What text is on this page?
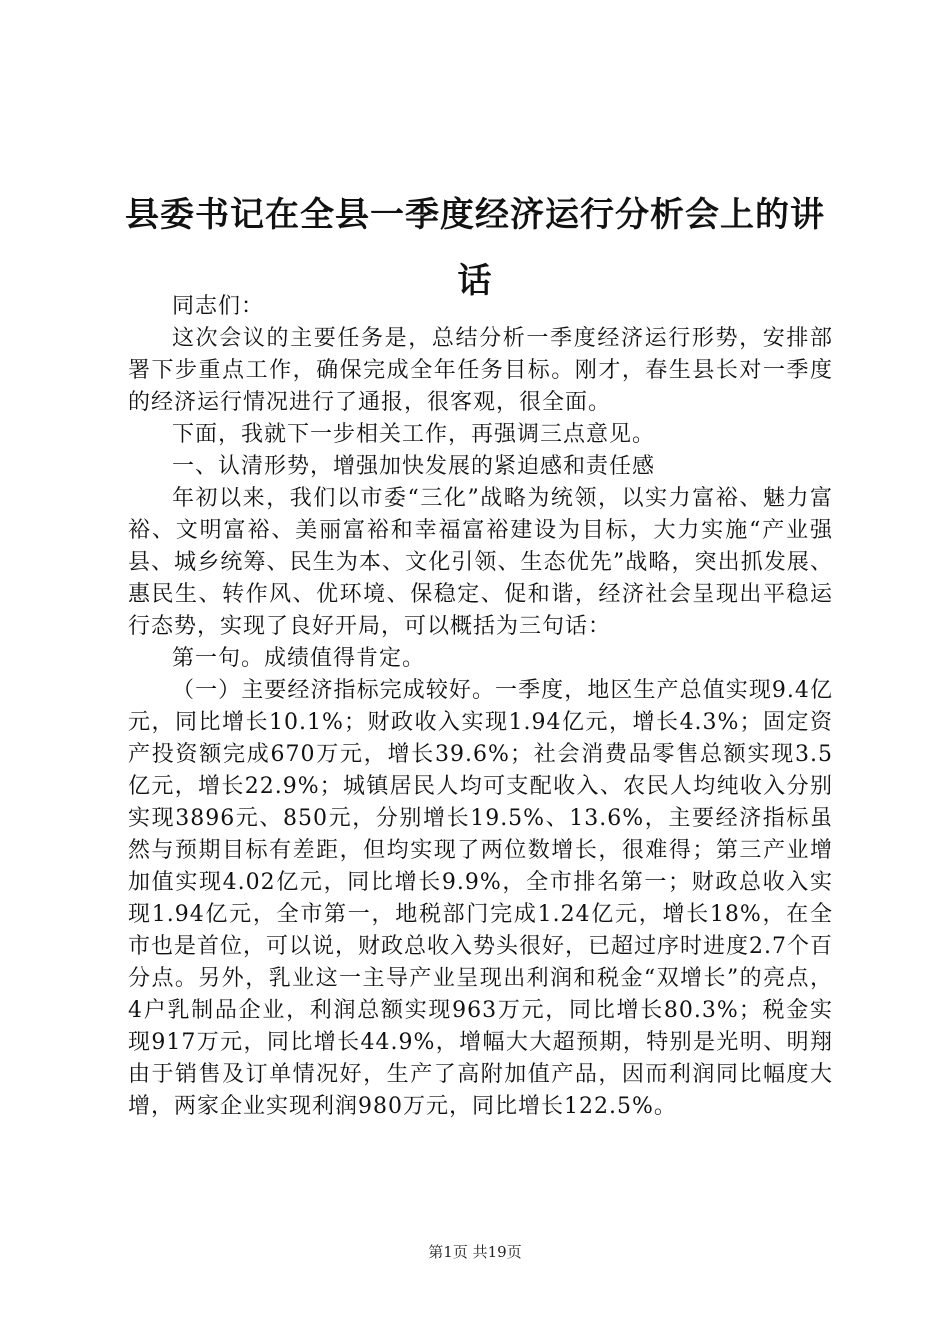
县委书记在全县一季度经济运行分析会上的讲话

同志们：

这次会议的主要任务是，总结分析一季度经济运行形势，安排部署下步重点工作，确保完成全年任务目标。刚才，春生县长对一季度的经济运行情况进行了通报，很客观，很全面。

下面，我就下一步相关工作，再强调三点意见。

一、认清形势，增强加快发展的紧迫感和责任感

年初以来，我们以市委“三化”战略为统领，以实力富裕、魅力富裕、文明富裕、美丽富裕和幸福富裕建设为目标，大力实施“产业强县、城乡统筹、民生为本、文化引领、生态优先”战略，突出抓发展、惠民生、转作风、优环境、保稳定、促和谐，经济社会呈现出平稳运行态势，实现了良好开局，可以概括为三句话：

第一句。成绩值得肯定。

（一）主要经济指标完成较好。一季度，地区生产总值实现9.4亿元，同比增长10.1%；财政收入实现1.94亿元，增长4.3%；固定资产投资额完成670万元，增长39.6%；社会消费品零售总额实现3.5亿元，增长22.9%；城镇居民人均可支配收入、农民人均纯收入分别实现3896元、850元，分别增长19.5%、13.6%，主要经济指标虽然与预期目标有差距，但均实现了两位数增长，很难得；第三产业增加值实现4.02亿元，同比增长9.9%，全市排名第一；财政总收入实现1.94亿元，全市第一，地税部门完成1.24亿元，增长18%，在全市也是首位，可以说，财政总收入势头很好，已超过序时进度2.7个百分点。另外，乳业这一主导产业呈现出利润和税金“双增长”的亮点，4户乳制品企业，利润总额实现963万元，同比增长80.3%；税金实现917万元，同比增长44.9%，增幅大大超预期，特别是光明、明翔由于销售及订单情况好，生产了高附加值产品，因而利润同比幅度大增，两家企业实现利润980万元，同比增长122.5%。

第1页 共19页
